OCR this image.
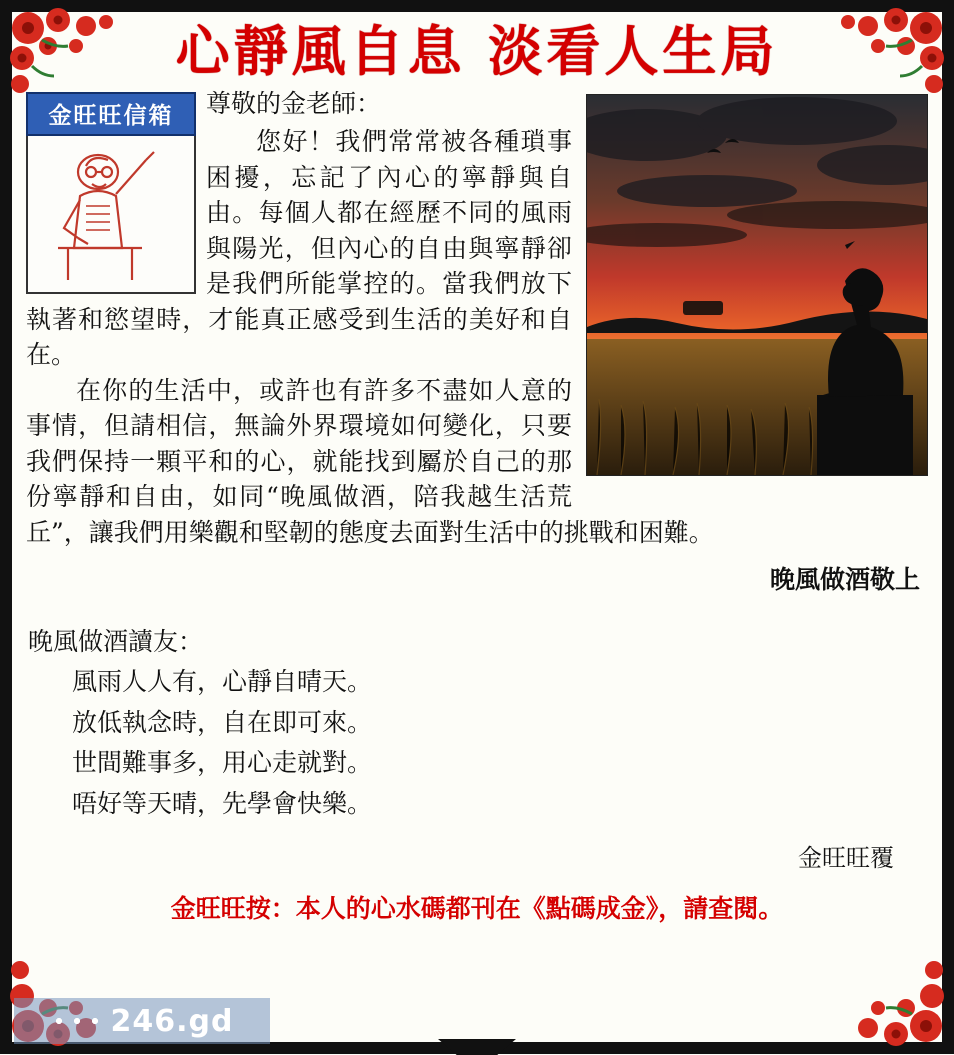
心靜風自息 淡看人生局
金旺旺信箱	尊敬的金老師：

您好！我們常常被各種瑣事困擾，忘記了內心的寧靜與自由。每個人都在經歷不同的風雨與陽光，但內心的自由與寧靜卻是我們所能掌控的。當我們放下執著和慾望時，才能真正感受到生活的美好和自在。

在你的生活中，或許也有許多不盡如人意的事情，但請相信，無論外界環境如何變化，只要我們保持一顆平和的心，就能找到屬於自己的那份寧靜和自由，如同“晚風做酒，陪我越生活荒丘”，讓我們用樂觀和堅韌的態度去面對生活中的挑戰和困難。

晚風做酒敬上
晚風做酒讀友：
風雨人人有，心靜自晴天。
放低執念時，自在即可來。
世間難事多，用心走就對。
唔好等天晴，先學會快樂。
金旺旺覆
金旺旺按：本人的心水碼都刊在《點碼成金》，請查閱。
246.gd
